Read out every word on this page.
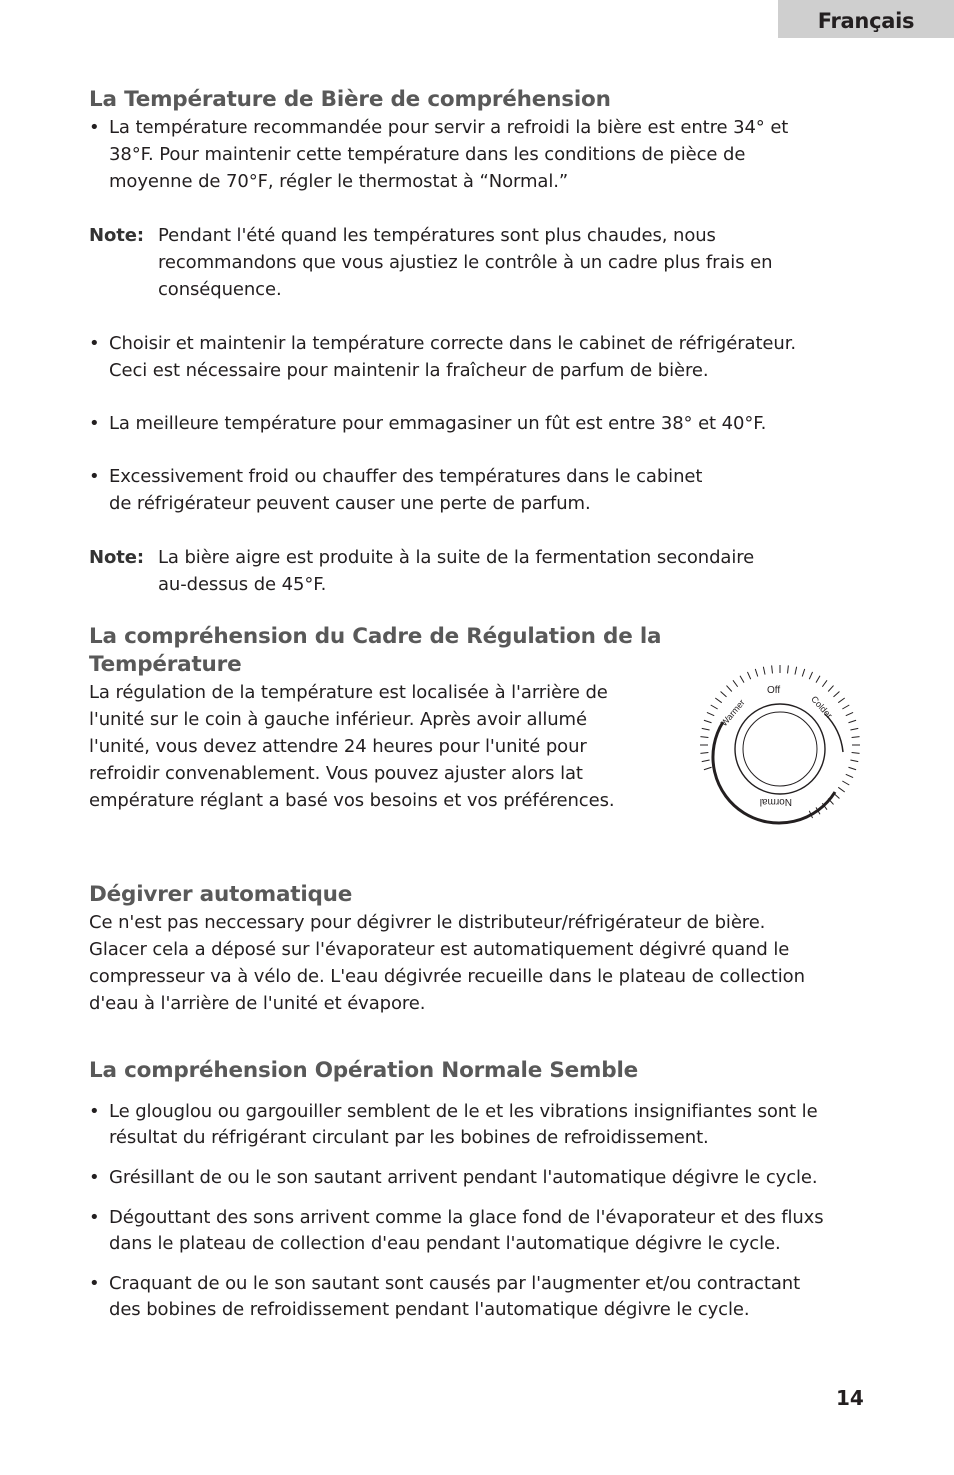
Français
La Température de Bière de compréhension

• La température recommandée pour servir a refroidi la bière est entre 34° et
38°F. Pour maintenir cette température dans les conditions de pièce de
moyenne de 70°F, régler le thermostat à “Normal.”

Note: Pendant l'été quand les températures sont plus chaudes, nous
recommandons que vous ajustiez le contrôle à un cadre plus frais en
conséquence.

• Choisir et maintenir la température correcte dans le cabinet de réfrigérateur.
Ceci est nécessaire pour maintenir la fraîcheur de parfum de bière.

• La meilleure température pour emmagasiner un fût est entre 38° et 40°F.

• Excessivement froid ou chauffer des températures dans le cabinet
de réfrigérateur peuvent causer une perte de parfum.

Note: La bière aigre est produite à la suite de la fermentation secondaire
au-dessus de 45°F.

La compréhension du Cadre de Régulation de la
Température

La régulation de la température est localisée à l'arrière de
l'unité sur le coin à gauche inférieur. Après avoir allumé
l'unité, vous devez attendre 24 heures pour l'unité pour
refroidir convenablement. Vous pouvez ajuster alors lat
empérature réglant a basé vos besoins et vos préférences.

Dégivrer automatique

Ce n'est pas neccessary pour dégivrer le distributeur/réfrigérateur de bière.
Glacer cela a déposé sur l'évaporateur est automatiquement dégivré quand le
compresseur va à vélo de. L'eau dégivrée recueille dans le plateau de collection
d'eau à l'arrière de l'unité et évapore.

La compréhension Opération Normale Semble

• Le glouglou ou gargouiller semblent de le et les vibrations insignifiantes sont le
résultat du réfrigérant circulant par les bobines de refroidissement.

• Grésillant de ou le son sautant arrivent pendant l'automatique dégivre le cycle.

• Dégouttant des sons arrivent comme la glace fond de l'évaporateur et des fluxs
dans le plateau de collection d'eau pendant l'automatique dégivre le cycle.

• Craquant de ou le son sautant sont causés par l'augmenter et/ou contractant
des bobines de refroidissement pendant l'automatique dégivre le cycle.

Off
Warmer	Colder
Normal
14
